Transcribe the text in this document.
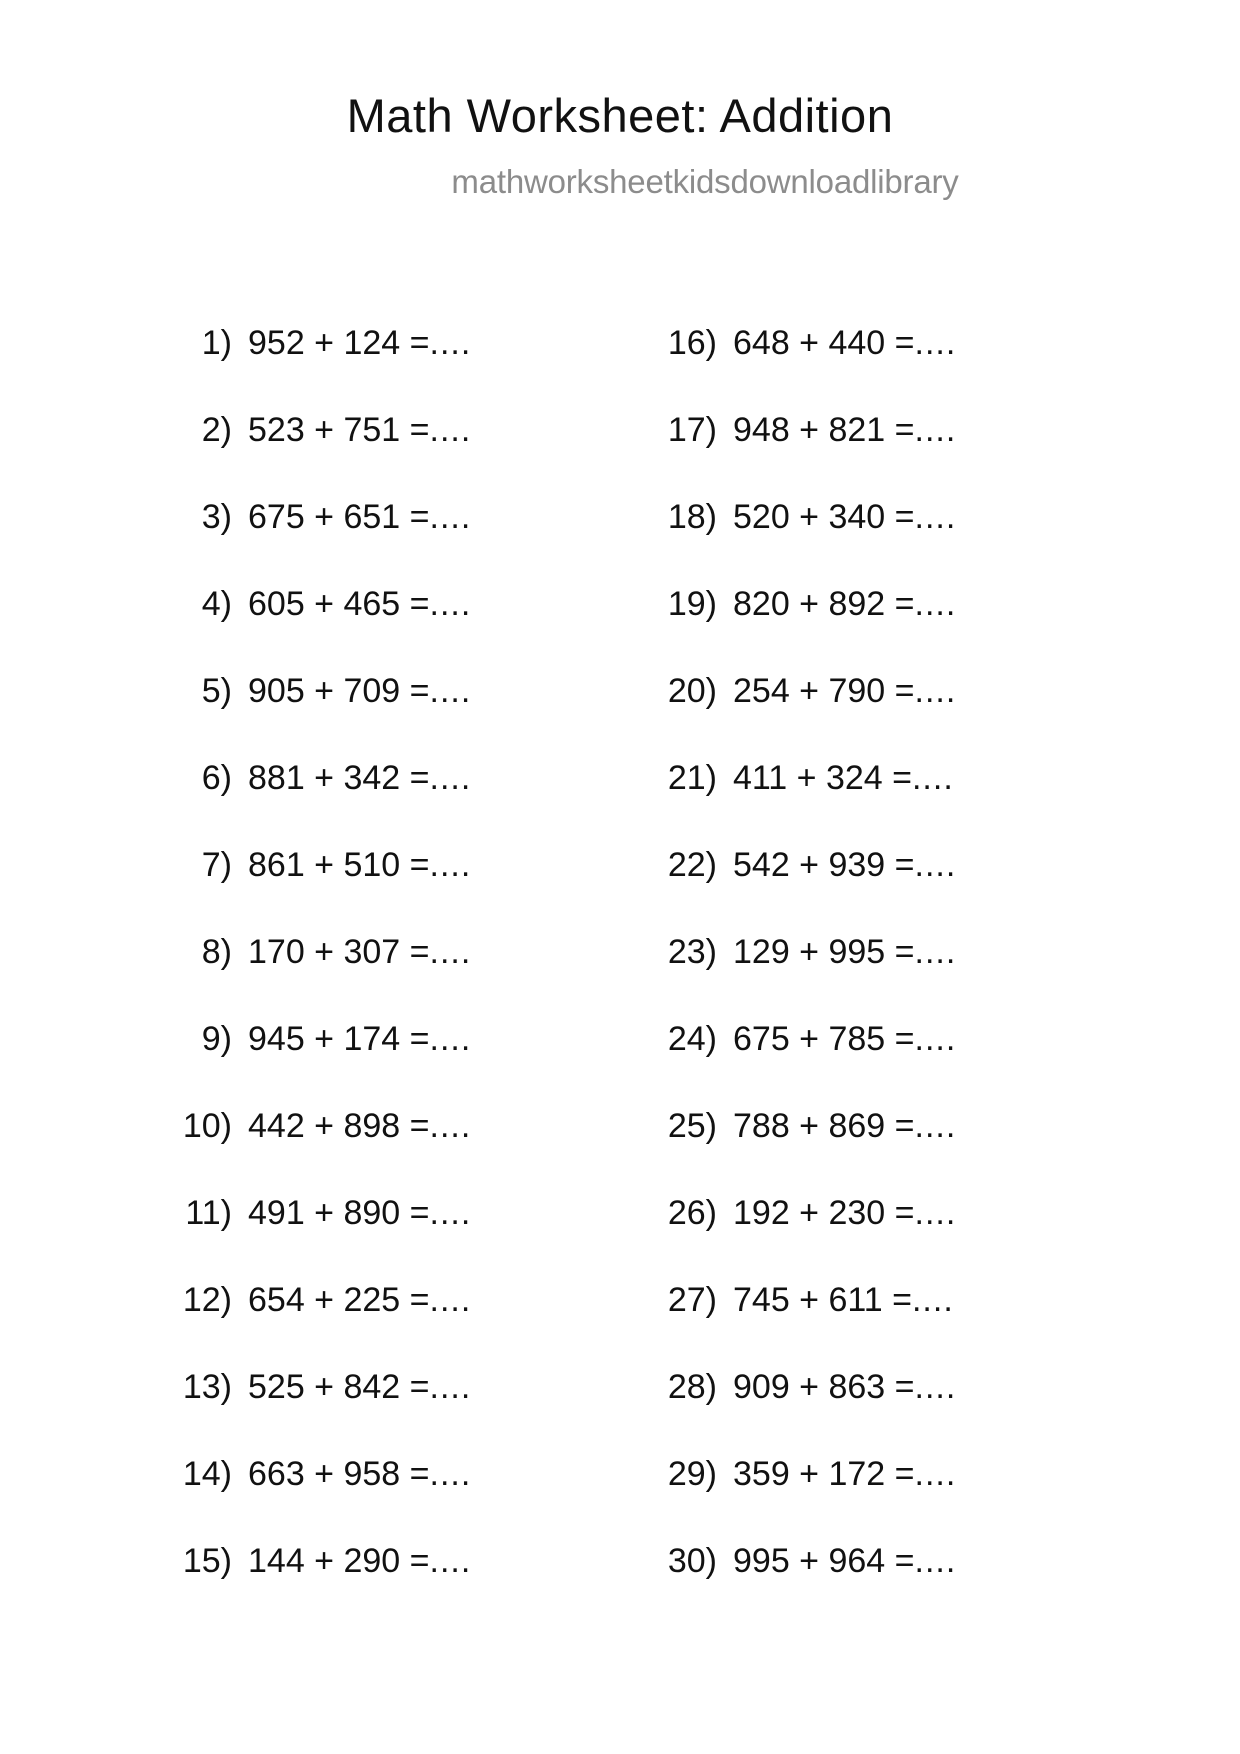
Math Worksheet: Addition
mathworksheetkidsdownloadlibrary
1) 952 + 124 = ....
2) 523 + 751 = ....
3) 675 + 651 = ....
4) 605 + 465 = ....
5) 905 + 709 = ....
6) 881 + 342 = ....
7) 861 + 510 = ....
8) 170 + 307 = ....
9) 945 + 174 = ....
10) 442 + 898 = ....
11) 491 + 890 = ....
12) 654 + 225 = ....
13) 525 + 842 = ....
14) 663 + 958 = ....
15) 144 + 290 = ....
16) 648 + 440 = ....
17) 948 + 821 = ....
18) 520 + 340 = ....
19) 820 + 892 = ....
20) 254 + 790 = ....
21) 411 + 324 = ....
22) 542 + 939 = ....
23) 129 + 995 = ....
24) 675 + 785 = ....
25) 788 + 869 = ....
26) 192 + 230 = ....
27) 745 + 611 = ....
28) 909 + 863 = ....
29) 359 + 172 = ....
30) 995 + 964 = ....
